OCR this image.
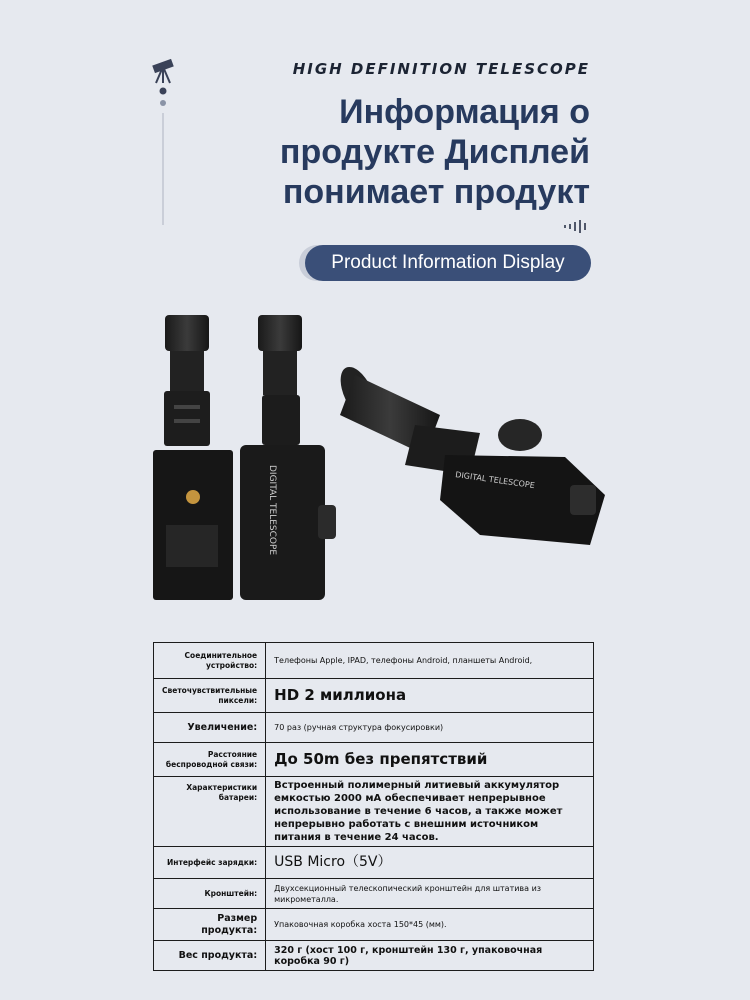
HIGH DEFINITION TELESCOPE
Информация о
продукте Дисплей
понимает продукт
Product Information Display
DIGITAL TELESCOPE	DIGITAL TELESCOPE
Соединительное устройство:	Телефоны Apple, IPAD, телефоны Android, планшеты Android,
Светочувствительные пиксели:	HD 2 миллиона
Увеличение:	70 раз (ручная структура фокусировки)
Расстояние беспроводной связи:	До 50m без препятствий
Характеристики батареи:	Встроенный полимерный литиевый аккумулятор емкостью 2000 мА обеспечивает непрерывное использование в течение 6 часов, а также может непрерывно работать с внешним источником питания в течение 24 часов.
Интерфейс зарядки:	USB Micro（5V）
Кронштейн:	Двухсекционный телескопический кронштейн для штатива из микрометалла.
Размер продукта:	Упаковочная коробка хоста 150*45 (мм).
Вес продукта:	320 г (хост 100 г, кронштейн 130 г, упаковочная коробка 90 г)
